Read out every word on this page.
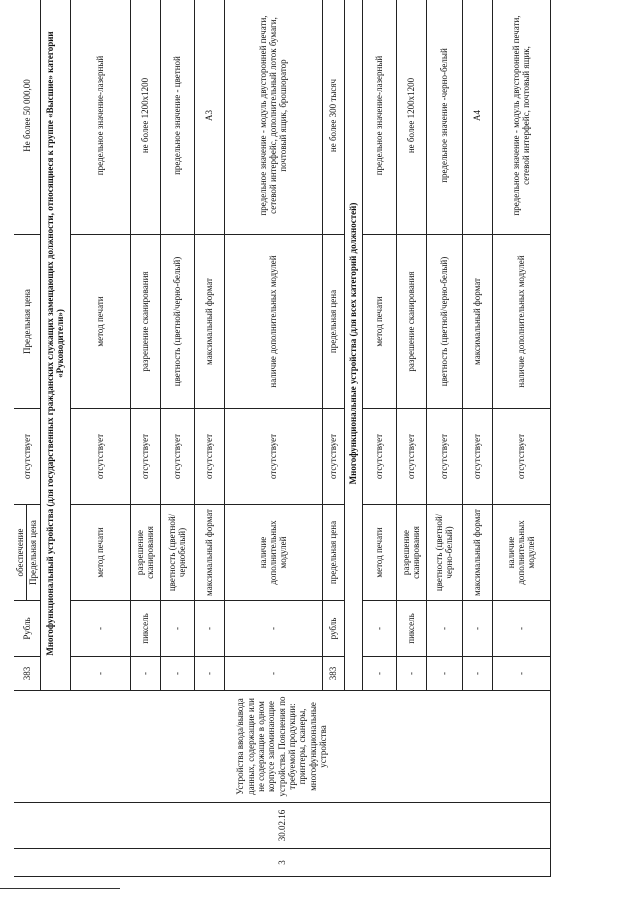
3	30.02.16	Устройства ввода/вывода данных, содержащие или не содержащие в одном корпусе запоминающие устройства. Пояснения по требуемой продукции: принтеры, сканеры, многофункциональные устройства	383	Рубль	обеспечение Предельная цена	отсутствует	Предельная цена	Не более 50 000,00
			Многофункциональный устройства (для государственных гражданских служащих замещающих должности, относящиеся к группе «Высшие» категории «Руководители»)					
			-	-	метод печати	отсутствует	метод печати	предельное значение-лазерный
			-	пиксель	разрешение сканирования	отсутствует	разрешение сканирования	не более 1200х1200
			-	-	цветность (цветной/чернобелый)	отсутствует	цветность (цветной/черно-белый)	предельное значение - цветной
			-	-	максимальный формат	отсутствует	максимальный формат	А3
			-	-	наличие дополнительных модулей	отсутствует	наличие дополнительных модулей	предельное значение - модуль двусторонней печати, сетевой интерфейс, дополнительный лоток бумаги, почтовый ящик, брошюратор
			383	рубль	предельная цена	отсутствует	предельная цена	не более 300 тысяч
			Многофункциональные устройства (для всех категорий должностей)					
			-	-	метод печати	отсутствует	метод печати	предельное значение-лазерный
			-	пиксель	разрешение сканирования	отсутствует	разрешение сканирования	не более 1200х1200
			-	-	цветность (цветной/черно-белый)	отсутствует	цветность (цветной/черно-белый)	предельное значение -черно-белый
			-	-	максимальный формат	отсутствует	максимальный формат	А4
			-	-	наличие дополнительных модулей	отсутствует	наличие дополнительных модулей	предельное значение - модуль двусторонней печати, сетевой интерфейс, почтовый ящик,
